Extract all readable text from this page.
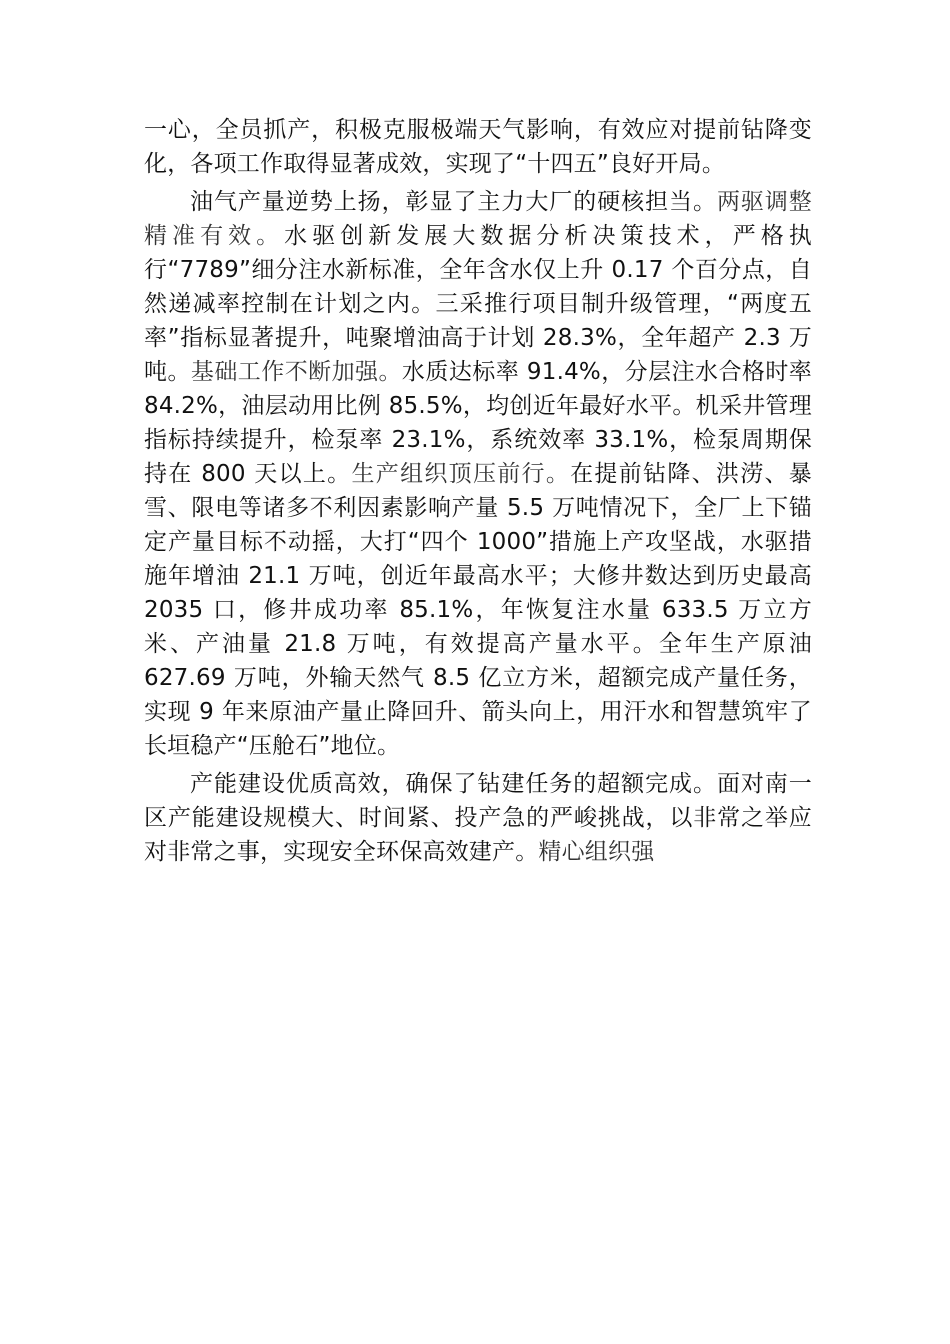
一心，全员抓产，积极克服极端天气影响，有效应对提前钻降变化，各项工作取得显著成效，实现了“十四五”良好开局。

油气产量逆势上扬，彰显了主力大厂的硬核担当。两驱调整精准有效。水驱创新发展大数据分析决策技术，严格执行“7789”细分注水新标准，全年含水仅上升 0.17 个百分点，自然递减率控制在计划之内。三采推行项目制升级管理，“两度五率”指标显著提升，吨聚增油高于计划 28.3%，全年超产 2.3 万吨。基础工作不断加强。水质达标率 91.4%，分层注水合格时率 84.2%，油层动用比例 85.5%，均创近年最好水平。机采井管理指标持续提升，检泵率 23.1%，系统效率 33.1%，检泵周期保持在 800 天以上。生产组织顶压前行。在提前钻降、洪涝、暴雪、限电等诸多不利因素影响产量 5.5 万吨情况下，全厂上下锚定产量目标不动摇，大打“四个 1000”措施上产攻坚战，水驱措施年增油 21.1 万吨，创近年最高水平；大修井数达到历史最高 2035 口，修井成功率 85.1%，年恢复注水量 633.5 万立方米、产油量 21.8 万吨，有效提高产量水平。全年生产原油 627.69 万吨，外输天然气 8.5 亿立方米，超额完成产量任务，实现 9 年来原油产量止降回升、箭头向上，用汗水和智慧筑牢了长垣稳产“压舱石”地位。

产能建设优质高效，确保了钻建任务的超额完成。面对南一区产能建设规模大、时间紧、投产急的严峻挑战，以非常之举应对非常之事，实现安全环保高效建产。精心组织强
